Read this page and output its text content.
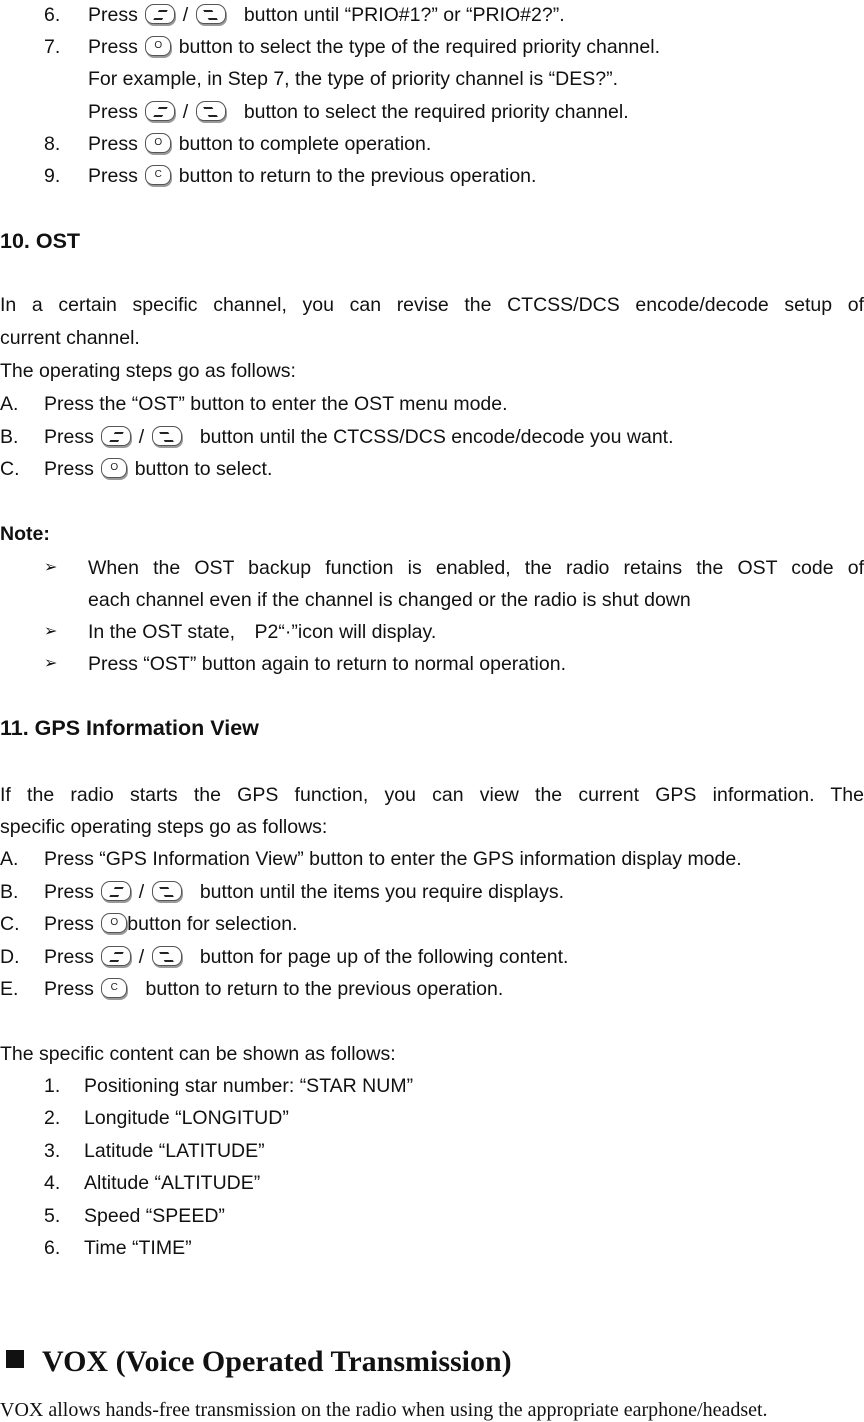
6. Press /	button until “PRIO#1?” or “PRIO#2?”.
7. Press O button to select the type of the required priority channel.
For example, in Step 7, the type of priority channel is “DES?”.
Press /	button to select the required priority channel.
8. Press O button to complete operation.
9. Press C button to return to the previous operation.
10. OST
In a certain specific channel, you can revise the CTCSS/DCS encode/decode setup of
current channel.
The operating steps go as follows:
A. Press the “OST” button to enter the OST menu mode.
B. Press /	button until the CTCSS/DCS encode/decode you want.
C. Press O button to select.
Note:
➢ When the OST backup function is enabled, the radio retains the OST code of
each channel even if the channel is changed or the radio is shut down
➢ In the OST state,　P2“·”icon will display.
➢ Press “OST” button again to return to normal operation.
11. GPS Information View
If the radio starts the GPS function, you can view the current GPS information. The
specific operating steps go as follows:
A. Press “GPS Information View” button to enter the GPS information display mode.
B. Press /	button until the items you require displays.
C. Press O button for selection.
D. Press /	button for page up of the following content.
E. Press C button to return to the previous operation.
The specific content can be shown as follows:
1. Positioning star number: “STAR NUM”
2. Longitude “LONGITUD”
3. Latitude “LATITUDE”
4. Altitude “ALTITUDE”
5. Speed “SPEED”
6. Time “TIME”
VOX (Voice Operated Transmission)
VOX allows hands-free transmission on the radio when using the appropriate earphone/headset.
